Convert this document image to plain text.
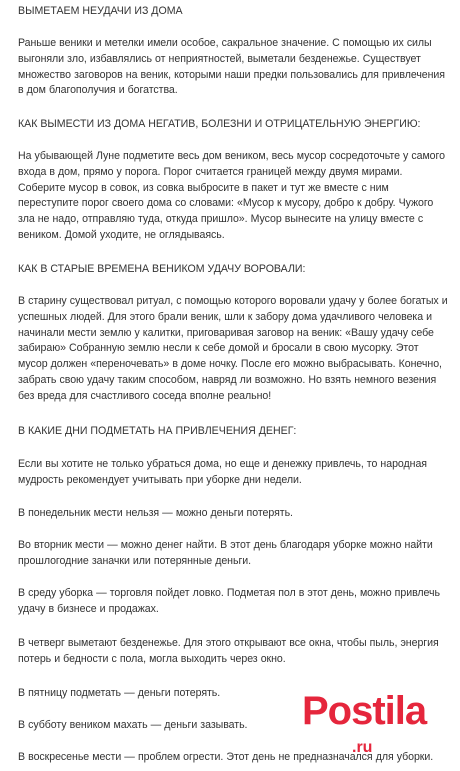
ВЫМЕТАЕМ НЕУДАЧИ ИЗ ДОМА
Раньше веники и метелки имели особое, сакральное значение. С помощью их силы выгоняли зло, избавлялись от неприятностей, выметали безденежье. Существует множество заговоров на веник, которыми наши предки пользовались для привлечения в дом благополучия и богатства.
КАК ВЫМЕСТИ ИЗ ДОМА НЕГАТИВ, БОЛЕЗНИ И ОТРИЦАТЕЛЬНУЮ ЭНЕРГИЮ:
На убывающей Луне подметите весь дом веником, весь мусор сосредоточьте у самого входа в дом, прямо у порога. Порог считается границей между двумя мирами. Соберите мусор в совок, из совка выбросите в пакет и тут же вместе с ним переступите порог своего дома со словами: «Мусор к мусору, добро к добру. Чужого зла не надо, отправляю туда, откуда пришло». Мусор вынесите на улицу вместе с веником. Домой уходите, не оглядываясь.
КАК В СТАРЫЕ ВРЕМЕНА ВЕНИКОМ УДАЧУ ВОРОВАЛИ:
В старину существовал ритуал, с помощью которого воровали удачу у более богатых и успешных людей. Для этого брали веник, шли к забору дома удачливого человека и начинали мести землю у калитки, приговаривая заговор на веник: «Вашу удачу себе забираю» Собранную землю несли к себе домой и бросали в свою мусорку. Этот мусор должен «переночевать» в доме ночку. После его можно выбрасывать. Конечно, забрать свою удачу таким способом, навряд ли возможно. Но взять немного везения без вреда для счастливого соседа вполне реально!
В КАКИЕ ДНИ ПОДМЕТАТЬ НА ПРИВЛЕЧЕНИЯ ДЕНЕГ:
Если вы хотите не только убраться дома, но еще и денежку привлечь, то народная мудрость рекомендует учитывать при уборке дни недели.
В понедельник мести нельзя — можно деньги потерять.
Во вторник мести — можно денег найти. В этот день благодаря уборке можно найти прошлогодние заначки или потерянные деньги.
В среду уборка — торговля пойдет ловко. Подметая пол в этот день, можно привлечь удачу в бизнесе и продажах.
В четверг выметают безденежье. Для этого открывают все окна, чтобы пыль, энергия потерь и бедности с пола, могла выходить через окно.
В пятницу подметать — деньги потерять.
В субботу веником махать — деньги зазывать.
В воскресенье мести — проблем огрести. Этот день не предназначался для уборки.
Postila
.ru
